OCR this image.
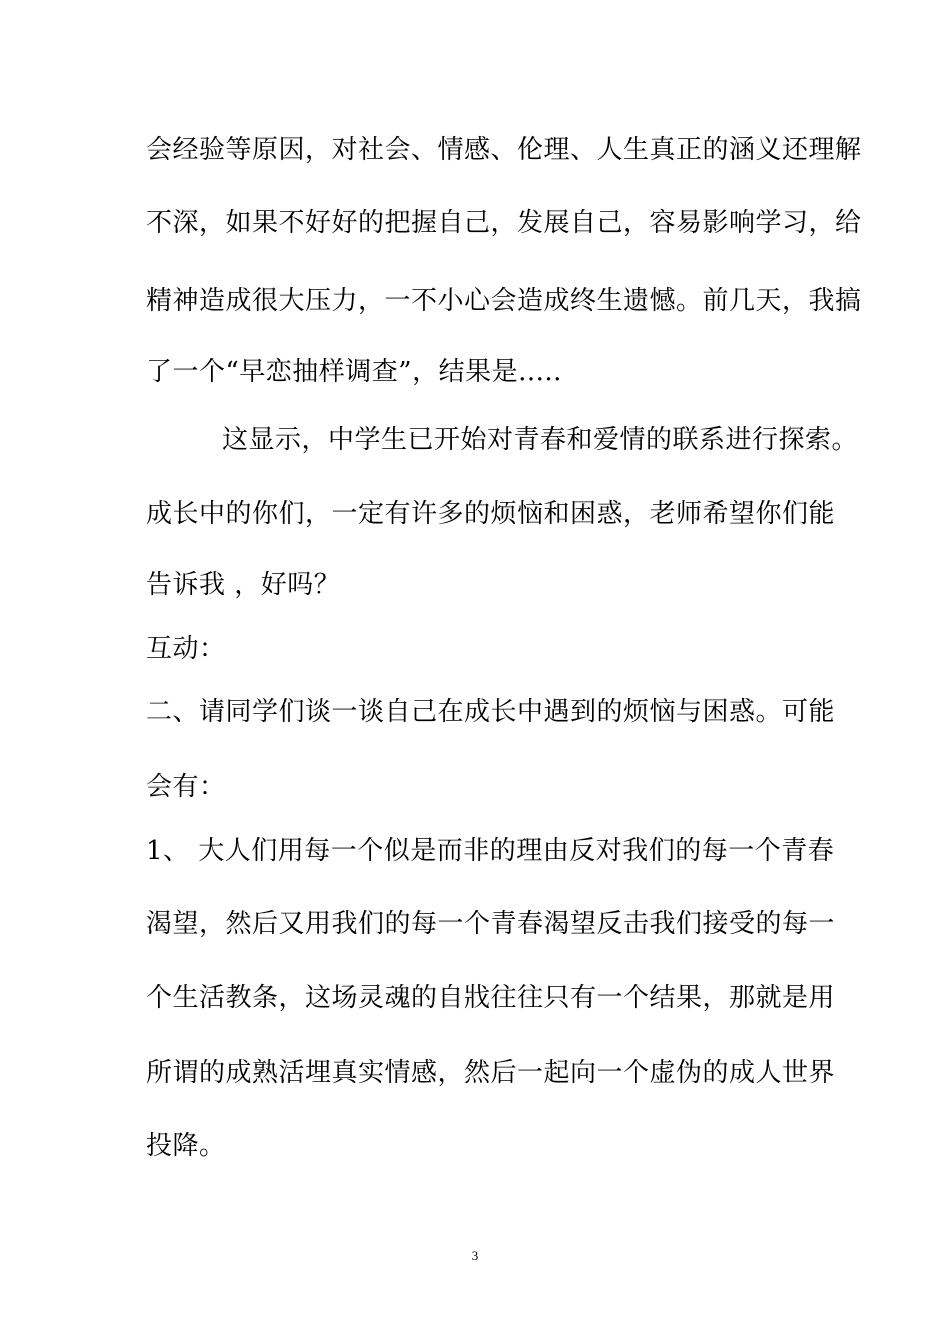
会经验等原因，对社会、情感、伦理、人生真正的涵义还理解
不深，如果不好好的把握自己，发展自己，容易影响学习，给
精神造成很大压力，一不小心会造成终生遗憾。前几天，我搞
了一个“早恋抽样调查”，结果是.....
这显示，中学生已开始对青春和爱情的联系进行探索。
成长中的你们，一定有许多的烦恼和困惑，老师希望你们能
告诉我 ，好吗？
互动：
二、请同学们谈一谈自己在成长中遇到的烦恼与困惑。可能
会有：
1、 大人们用每一个似是而非的理由反对我们的每一个青春
渴望，然后又用我们的每一个青春渴望反击我们接受的每一
个生活教条，这场灵魂的自戕往往只有一个结果，那就是用
所谓的成熟活埋真实情感，然后一起向一个虚伪的成人世界
投降。
3
